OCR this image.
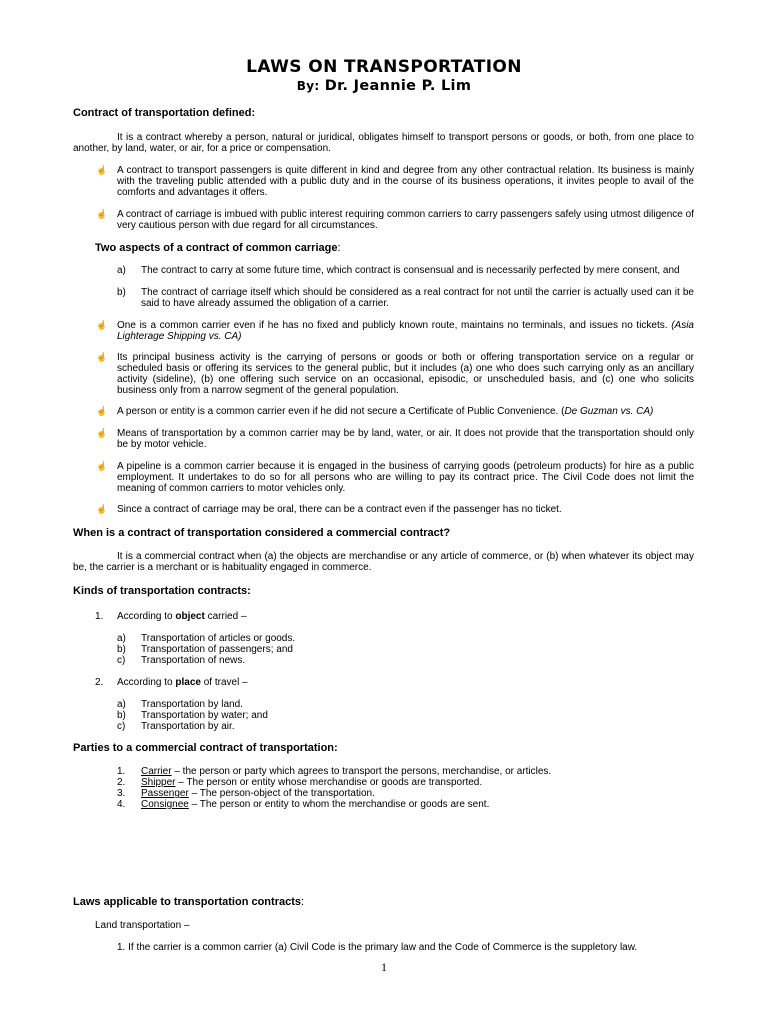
LAWS ON TRANSPORTATION
By: Dr. Jeannie P. Lim
Contract of transportation defined:
It is a contract whereby a person, natural or juridical, obligates himself to transport persons or goods, or both, from one place to another, by land, water, or air, for a price or compensation.
☝ A contract to transport passengers is quite different in kind and degree from any other contractual relation. Its business is mainly with the traveling public attended with a public duty and in the course of its business operations, it invites people to avail of the comforts and advantages it offers.
☝ A contract of carriage is imbued with public interest requiring common carriers to carry passengers safely using utmost diligence of very cautious person with due regard for all circumstances.
Two aspects of a contract of common carriage:
a) The contract to carry at some future time, which contract is consensual and is necessarily perfected by mere consent, and
b) The contract of carriage itself which should be considered as a real contract for not until the carrier is actually used can it be said to have already assumed the obligation of a carrier.
☝ One is a common carrier even if he has no fixed and publicly known route, maintains no terminals, and issues no tickets. (Asia Lighterage Shipping vs. CA)
☝ Its principal business activity is the carrying of persons or goods or both or offering transportation service on a regular or scheduled basis or offering its services to the general public, but it includes (a) one who does such carrying only as an ancillary activity (sideline), (b) one offering such service on an occasional, episodic, or unscheduled basis, and (c) one who solicits business only from a narrow segment of the general population.
☝ A person or entity is a common carrier even if he did not secure a Certificate of Public Convenience. (De Guzman vs. CA)
☝ Means of transportation by a common carrier may be by land, water, or air. It does not provide that the transportation should only be by motor vehicle.
☝ A pipeline is a common carrier because it is engaged in the business of carrying goods (petroleum products) for hire as a public employment. It undertakes to do so for all persons who are willing to pay its contract price. The Civil Code does not limit the meaning of common carriers to motor vehicles only.
☝ Since a contract of carriage may be oral, there can be a contract even if the passenger has no ticket.
When is a contract of transportation considered a commercial contract?
It is a commercial contract when (a) the objects are merchandise or any article of commerce, or (b) when whatever its object may be, the carrier is a merchant or is habituality engaged in commerce.
Kinds of transportation contracts:
1. According to object carried –
a) Transportation of articles or goods.
b) Transportation of passengers; and
c) Transportation of news.
2. According to place of travel –
a) Transportation by land.
b) Transportation by water; and
c) Transportation by air.
Parties to a commercial contract of transportation:
1. Carrier – the person or party which agrees to transport the persons, merchandise, or articles.
2. Shipper – The person or entity whose merchandise or goods are transported.
3. Passenger – The person-object of the transportation.
4. Consignee – The person or entity to whom the merchandise or goods are sent.
Laws applicable to transportation contracts:
Land transportation –
1. If the carrier is a common carrier (a) Civil Code is the primary law and the Code of Commerce is the suppletory law.
1
